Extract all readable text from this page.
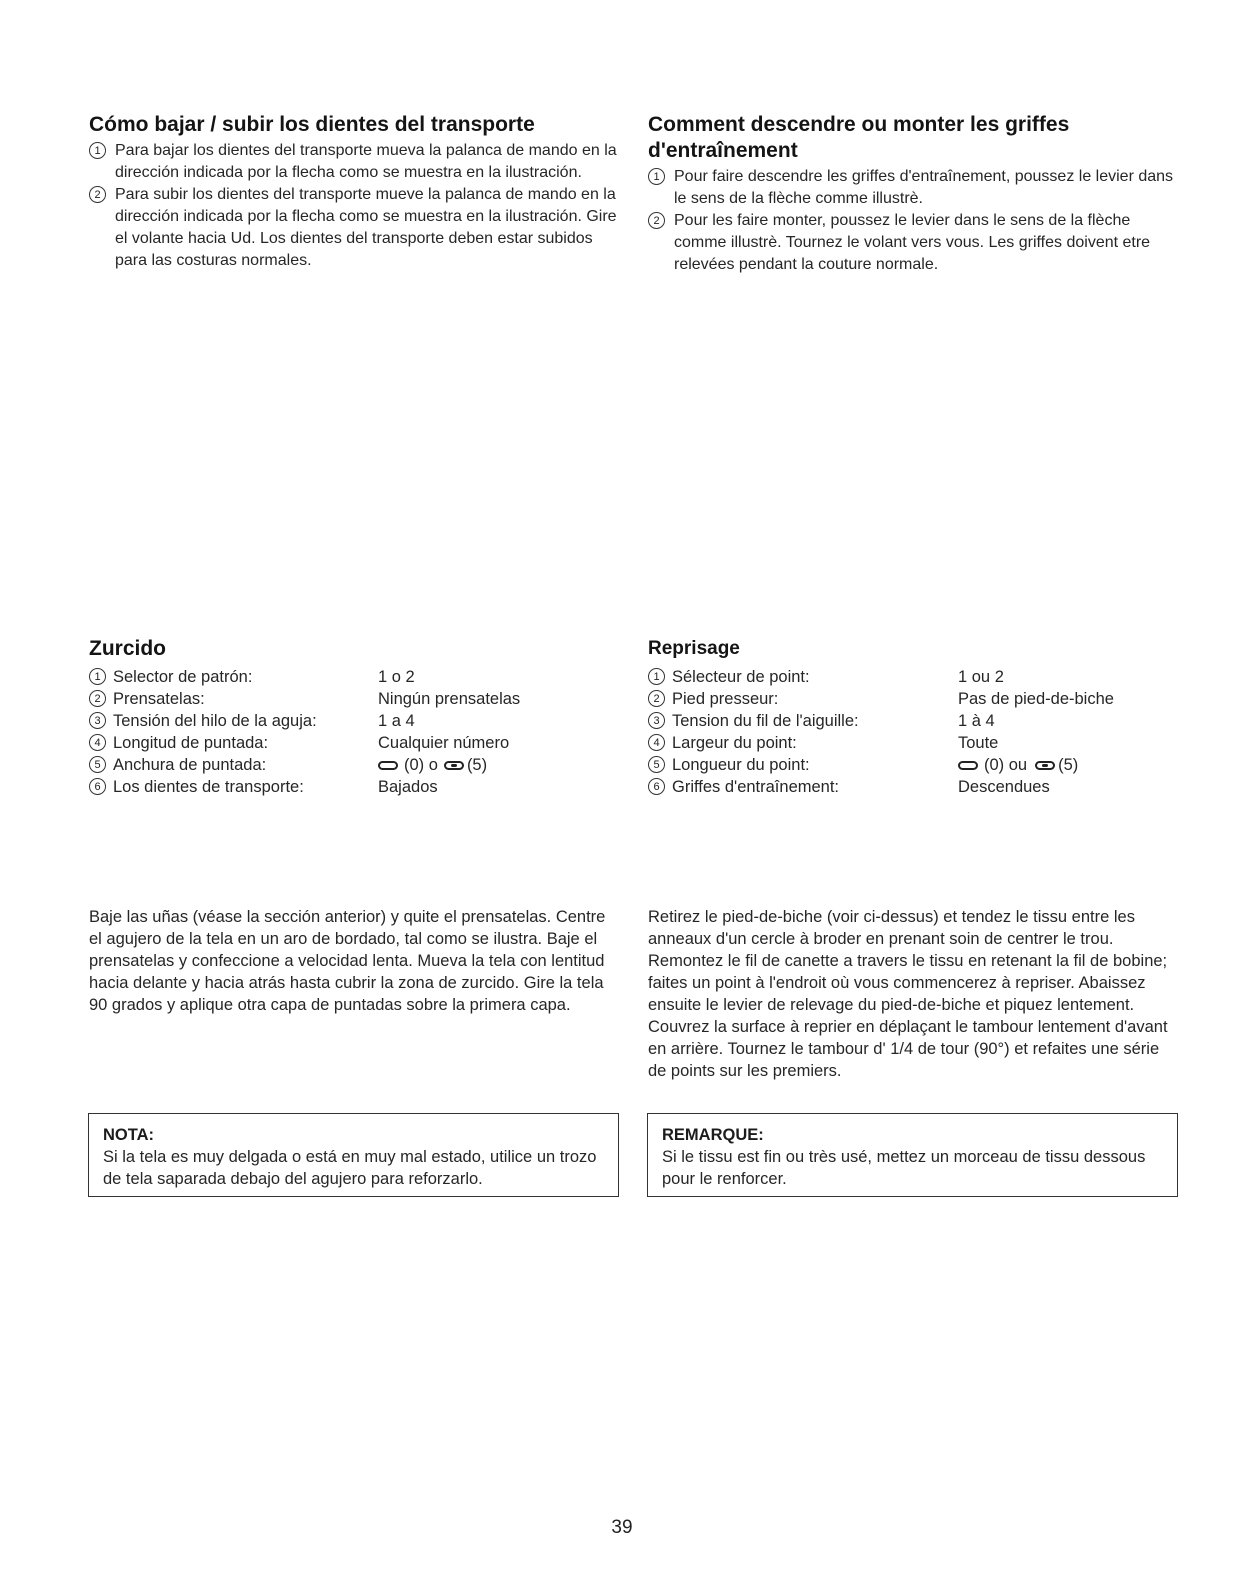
Cómo bajar / subir los dientes del transporte
1 Para bajar los dientes del transporte mueva la palanca de mando en la dirección indicada por la flecha como se muestra en la ilustración.
2 Para subir los dientes del transporte mueve la palanca de mando en la dirección indicada por la flecha como se muestra en la ilustración. Gire el volante hacia Ud. Los dientes del transporte deben estar subidos para las costuras normales.
Comment descendre ou monter les griffes d'entraînement
1 Pour faire descendre les griffes d'entraînement, poussez le levier dans le sens de la flèche comme illustrè.
2 Pour les faire monter, poussez le levier dans le sens de la flèche comme illustrè. Tournez le volant vers vous. Les griffes doivent etre relevées pendant la couture normale.
Zurcido
1 Selector de patrón:	1 o 2
2 Prensatelas:	Ningún prensatelas
3 Tensión del hilo de la aguja:	1 a 4
4 Longitud de puntada:	Cualquier número
5 Anchura de puntada:	(0) o (5)
6 Los dientes de transporte:	Bajados
Reprisage
1 Sélecteur de point:	1 ou 2
2 Pied presseur:	Pas de pied-de-biche
3 Tension du fil de l'aiguille:	1 à 4
4 Largeur du point:	Toute
5 Longueur du point:	(0) ou (5)
6 Griffes d'entraînement:	Descendues

Baje las uñas (véase la sección anterior) y quite el prensatelas. Centre el agujero de la tela en un aro de bordado, tal como se ilustra. Baje el prensatelas y confeccione a velocidad lenta. Mueva la tela con lentitud hacia delante y hacia atrás hasta cubrir la zona de zurcido. Gire la tela 90 grados y aplique otra capa de puntadas sobre la primera capa.

Retirez le pied-de-biche (voir ci-dessus) et tendez le tissu entre les anneaux d'un cercle à broder en prenant soin de centrer le trou. Remontez le fil de canette a travers le tissu en retenant la fil de bobine; faites un point à l'endroit où vous commencerez à repriser. Abaissez ensuite le levier de relevage du pied-de-biche et piquez lentement. Couvrez la surface à reprier en déplaçant le tambour lentement d'avant en arrière. Tournez le tambour d' 1/4 de tour (90°) et refaites une série de points sur les premiers.

NOTA:
Si la tela es muy delgada o está en muy mal estado, utilice un trozo de tela saparada debajo del agujero para reforzarlo.
REMARQUE:
Si le tissu est fin ou très usé, mettez un morceau de tissu dessous pour le renforcer.
39
